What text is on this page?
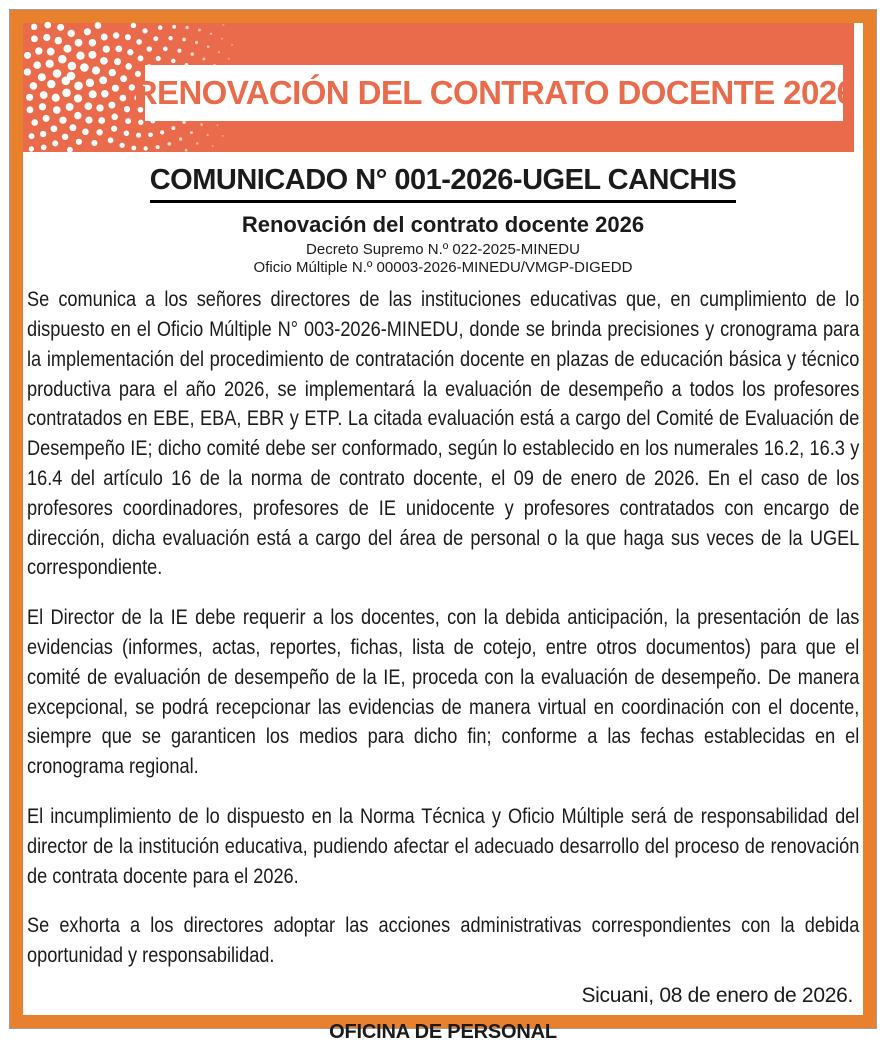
RENOVACIÓN DEL CONTRATO DOCENTE 2026
COMUNICADO N° 001-2026-UGEL CANCHIS
Renovación del contrato docente 2026
Decreto Supremo N.º 022-2025-MINEDU
Oficio Múltiple N.º 00003-2026-MINEDU/VMGP-DIGEDD

Se comunica a los señores directores de las instituciones educativas que, en cumplimiento de lo dispuesto en el Oficio Múltiple N° 003-2026-MINEDU, donde se brinda precisiones y cronograma para la implementación del procedimiento de contratación docente en plazas de educación básica y técnico productiva para el año 2026, se implementará la evaluación de desempeño a todos los profesores contratados en EBE, EBA, EBR y ETP. La citada evaluación está a cargo del Comité de Evaluación de Desempeño IE; dicho comité debe ser conformado, según lo establecido en los numerales 16.2, 16.3 y 16.4 del artículo 16 de la norma de contrato docente, el 09 de enero de 2026. En el caso de los profesores coordinadores, profesores de IE unidocente y profesores contratados con encargo de dirección, dicha evaluación está a cargo del área de personal o la que haga sus veces de la UGEL correspondiente.

El Director de la IE debe requerir a los docentes, con la debida anticipación, la presentación de las evidencias (informes, actas, reportes, fichas, lista de cotejo, entre otros documentos) para que el comité de evaluación de desempeño de la IE, proceda con la evaluación de desempeño. De manera excepcional, se podrá recepcionar las evidencias de manera virtual en coordinación con el docente, siempre que se garanticen los medios para dicho fin; conforme a las fechas establecidas en el cronograma regional.

El incumplimiento de lo dispuesto en la Norma Técnica y Oficio Múltiple será de responsabilidad del director de la institución educativa, pudiendo afectar el adecuado desarrollo del proceso de renovación de contrata docente para el 2026.

Se exhorta a los directores adoptar las acciones administrativas correspondientes con la debida oportunidad y responsabilidad.

Sicuani, 08 de enero de 2026.
OFICINA DE PERSONAL
